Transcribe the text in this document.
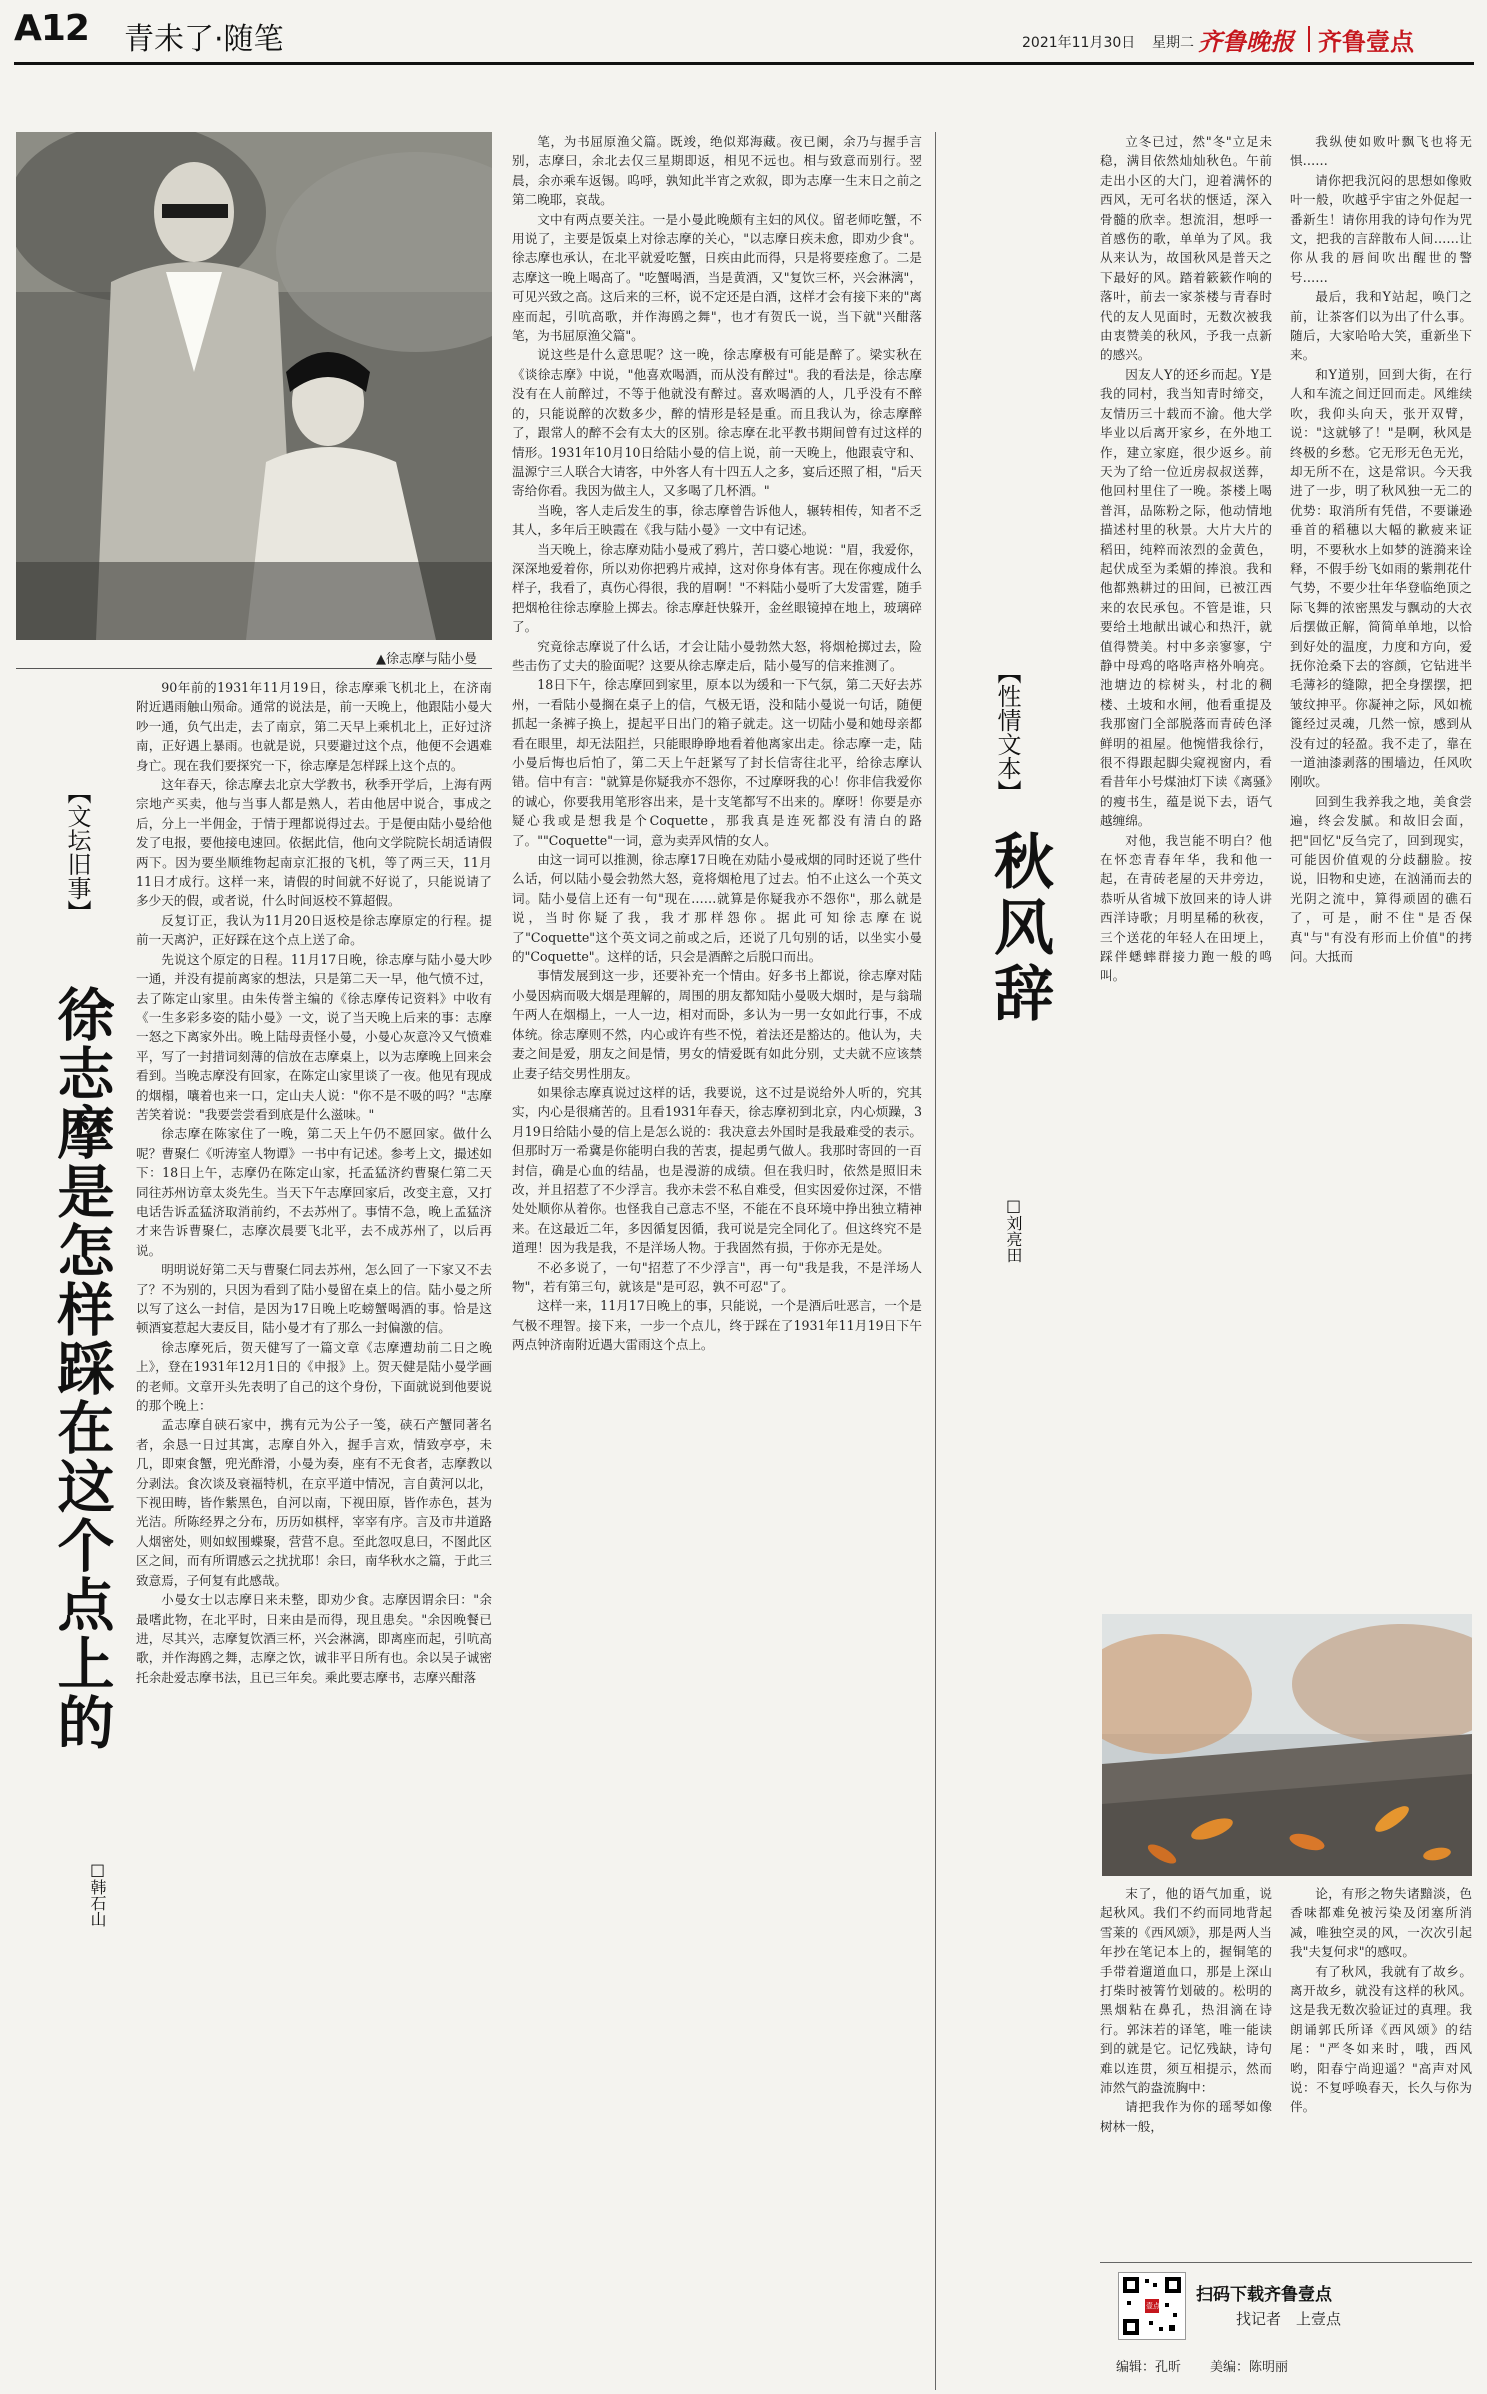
A12 青未了·随笔	2021年11月30日 星期二 齐鲁晚报 齐鲁壹点
▲徐志摩与陆小曼
【文坛旧事】
徐志摩是怎样踩在这个点上的
□韩石山

90年前的1931年11月19日，徐志摩乘飞机北上，在济南附近遇雨触山殒命。通常的说法是，前一天晚上，他跟陆小曼大吵一通，负气出走，去了南京，第二天早上乘机北上，正好过济南，正好遇上暴雨。也就是说，只要避过这个点，他便不会遇难身亡。现在我们要探究一下，徐志摩是怎样踩上这个点的。

这年春天，徐志摩去北京大学教书，秋季开学后，上海有两宗地产买卖，他与当事人都是熟人，若由他居中说合，事成之后，分上一半佣金，于情于理都说得过去。于是便由陆小曼给他发了电报，要他接电速回。依据此信，他向文学院院长胡适请假两下。因为要坐顺维物起南京汇报的飞机，等了两三天，11月11日才成行。这样一来，请假的时间就不好说了，只能说请了多少天的假，或者说，什么时间返校不算超假。

反复订正，我认为11月20日返校是徐志摩原定的行程。提前一天离沪，正好踩在这个点上送了命。

先说这个原定的日程。11月17日晚，徐志摩与陆小曼大吵一通，并没有提前离家的想法，只是第二天一早，他气愤不过，去了陈定山家里。由朱传誉主编的《徐志摩传记资料》中收有《一生多彩多姿的陆小曼》一文，说了当天晚上后来的事：志摩一怒之下离家外出。晚上陆母责怪小曼，小曼心灰意冷又气愤难平，写了一封措词刻薄的信放在志摩桌上，以为志摩晚上回来会看到。当晚志摩没有回家，在陈定山家里谈了一夜。他见有现成的烟榻，嚷着也来一口，定山夫人说："你不是不吸的吗？"志摩苦笑着说："我要尝尝看到底是什么滋味。"

徐志摩在陈家住了一晚，第二天上午仍不愿回家。做什么呢？曹聚仁《听涛室人物谭》一书中有记述。参考上文，撮述如下：18日上午，志摩仍在陈定山家，托孟猛济约曹聚仁第二天同往苏州访章太炎先生。当天下午志摩回家后，改变主意，又打电话告诉孟猛济取消前约，不去苏州了。事情不急，晚上孟猛济才来告诉曹聚仁，志摩次晨要飞北平，去不成苏州了，以后再说。

明明说好第二天与曹聚仁同去苏州，怎么回了一下家又不去了？不为别的，只因为看到了陆小曼留在桌上的信。陆小曼之所以写了这么一封信，是因为17日晚上吃螃蟹喝酒的事。恰是这顿酒宴惹起大妻反目，陆小曼才有了那么一封偏激的信。

徐志摩死后，贺天健写了一篇文章《志摩遭劫前二日之晚上》，登在1931年12月1日的《申报》上。贺天健是陆小曼学画的老师。文章开头先表明了自己的这个身份，下面就说到他要说的那个晚上：

孟志摩自硖石家中，携有元为公子一笺，硖石产蟹同著名者，余恳一日过其寓，志摩自外入，握手言欢，情致亭亭，未几，即柬食蟹，兜光酢滑，小曼为奏，座有不无食者，志摩教以分剥法。食次谈及衰福特机，在京平道中情况，言自黄河以北，下视田畴，皆作紫黑色，自河以南，下视田原，皆作赤色，甚为光洁。所陈经界之分布，历历如棋枰，宰宰有序。言及市井道路人烟密处，则如蚁围蝶聚，营营不息。至此忽叹息曰，不图此区区之间，而有所谓感云之扰扰耶！余曰，南华秋水之篇，于此三致意焉，子何复有此感哉。

小曼女士以志摩日来未整，即劝少食。志摩因谓余曰："余最嗜此物，在北平时，日来由是而得，现且患矣。"余因晚餐已进，尽其兴，志摩复饮酒三杯，兴会淋漓，即离座而起，引吭高歌，并作海鸥之舞，志摩之饮，诚非平日所有也。余以吴子诚密托余赴爱志摩书法，且已三年矣。乘此要志摩书，志摩兴酣落

笔，为书屈原渔父篇。既竣，绝似郑海藏。夜已阑，余乃与握手言别，志摩曰，余北去仅三星期即返，相见不远也。相与致意而别行。翌晨，余亦乘车返锡。呜呼，孰知此半宵之欢叙，即为志摩一生末日之前之第二晚耶，哀哉。

文中有两点要关注。一是小曼此晚颇有主妇的风仪。留老师吃蟹，不用说了，主要是饭桌上对徐志摩的关心，"以志摩日疾未愈，即劝少食"。徐志摩也承认，在北平就爱吃蟹，日疾由此而得，只是将要痊愈了。二是志摩这一晚上喝高了。"吃蟹喝酒，当是黄酒，又"复饮三杯，兴会淋漓"，可见兴致之高。这后来的三杯，说不定还是白酒，这样才会有接下来的"离座而起，引吭高歌，并作海鸥之舞"，也才有贺氏一说，当下就"兴酣落笔，为书屈原渔父篇"。

说这些是什么意思呢？这一晚，徐志摩极有可能是醉了。梁实秋在《谈徐志摩》中说，"他喜欢喝酒，而从没有醉过"。我的看法是，徐志摩没有在人前醉过，不等于他就没有醉过。喜欢喝酒的人，几乎没有不醉的，只能说醉的次数多少，醉的情形是轻是重。而且我认为，徐志摩醉了，跟常人的醉不会有太大的区别。徐志摩在北平教书期间曾有过这样的情形。1931年10月10日给陆小曼的信上说，前一天晚上，他跟袁守和、温源宁三人联合大请客，中外客人有十四五人之多，宴后还照了相，"后天寄给你看。我因为做主人，又多喝了几杯酒。"

当晚，客人走后发生的事，徐志摩曾告诉他人，辗转相传，知者不乏其人，多年后王映霞在《我与陆小曼》一文中有记述。

当天晚上，徐志摩劝陆小曼戒了鸦片，苦口婆心地说："眉，我爱你，深深地爱着你，所以劝你把鸦片戒掉，这对你身体有害。现在你瘦成什么样子，我看了，真伤心得很，我的眉啊！"不料陆小曼听了大发雷霆，随手把烟枪往徐志摩脸上掷去。徐志摩赶快躲开，金丝眼镜掉在地上，玻璃碎了。

究竟徐志摩说了什么话，才会让陆小曼勃然大怒，将烟枪掷过去，险些击伤了丈夫的脸面呢？这要从徐志摩走后，陆小曼写的信来推测了。

18日下午，徐志摩回到家里，原本以为缓和一下气氛，第二天好去苏州，一看陆小曼搁在桌子上的信，气极无语，没和陆小曼说一句话，随便抓起一条裤子换上，提起平日出门的箱子就走。这一切陆小曼和她母亲都看在眼里，却无法阻拦，只能眼睁睁地看着他离家出走。徐志摩一走，陆小曼后悔也后怕了，第二天上午赶紧写了封长信寄往北平，给徐志摩认错。信中有言："就算是你疑我亦不怨你，不过摩呀我的心！你非信我爱你的诚心，你要我用笔形容出来，是十支笔都写不出来的。摩呀！你要是亦疑心我或是想我是个Coquette，那我真是连死都没有清白的路了。""Coquette"一词，意为卖弄风情的女人。

由这一词可以推测，徐志摩17日晚在劝陆小曼戒烟的同时还说了些什么话，何以陆小曼会勃然大怒，竟将烟枪甩了过去。怕不止这么一个英文词。陆小曼信上还有一句"现在……就算是你疑我亦不怨你"，那么就是说，当时你疑了我，我才那样怨你。据此可知徐志摩在说了"Coquette"这个英文词之前或之后，还说了几句别的话，以坐实小曼的"Coquette"。这样的话，只会是酒醉之后脱口而出。

事情发展到这一步，还要补充一个情由。好多书上都说，徐志摩对陆小曼因病而吸大烟是理解的，周围的朋友都知陆小曼吸大烟时，是与翁瑞午两人在烟榻上，一人一边，相对而卧，多认为一男一女如此行事，不成体统。徐志摩则不然，内心或许有些不悦，着法还是豁达的。他认为，夫妻之间是爱，朋友之间是情，男女的情爱既有如此分别，丈夫就不应该禁止妻子结交男性朋友。

如果徐志摩真说过这样的话，我要说，这不过是说给外人听的，究其实，内心是很痛苦的。且看1931年春天，徐志摩初到北京，内心烦躁，3月19日给陆小曼的信上是怎么说的：我决意去外国时是我最难受的表示。但那时万一希冀是你能明白我的苦衷，提起勇气做人。我那时寄回的一百封信，确是心血的结晶，也是漫游的成绩。但在我归时，依然是照旧未改，并且招惹了不少浮言。我亦未尝不私自难受，但实因爱你过深，不惜处处顺你从着你。也怪我自己意志不坚，不能在不良环境中挣出独立精神来。在这最近二年，多因循复因循，我可说是完全同化了。但这终究不是道理！因为我是我，不是洋场人物。于我固然有损，于你亦无是处。

不必多说了，一句"招惹了不少浮言"，再一句"我是我，不是洋场人物"，若有第三句，就该是"是可忍，孰不可忍"了。

这样一来，11月17日晚上的事，只能说，一个是酒后吐恶言，一个是气极不理智。接下来，一步一个点儿，终于踩在了1931年11月19日下午两点钟济南附近遇大雷雨这个点上。

【性情文本】
秋风辞
□刘亮田

立冬已过，然"冬"立足未稳，满目依然灿灿秋色。午前走出小区的大门，迎着满怀的西风，无可名状的惬适，深入骨髓的欣幸。想流泪，想呼一首感伤的歌，单单为了风。我从来认为，故国秋风是普天之下最好的风。踏着簌簌作响的落叶，前去一家茶楼与青春时代的友人见面时，无数次被我由衷赞美的秋风，予我一点新的感兴。

因友人Y的还乡而起。Y是我的同村，我当知青时缔交，友情历三十载而不渝。他大学毕业以后离开家乡，在外地工作，建立家庭，很少返乡。前天为了给一位近房叔叔送葬，他回村里住了一晚。茶楼上喝普洱，品陈粉之际，他动情地描述村里的秋景。大片大片的稻田，纯粹而浓烈的金黄色，起伏成至为柔媚的捧浪。我和他都熟耕过的田间，已被江西来的农民承包。不管是谁，只要给土地献出诚心和热汗，就值得赞美。村中多亲寥寥，宁静中母鸡的咯咯声格外响亮。池塘边的棕树头，村北的稠楼、土坡和水闸，他看重提及我那窗门全部脱落而青砖色泽鲜明的祖屋。他惋惜我徐行，很不得跟起脚尖窥视窗内，看看昔年小号煤油灯下读《离骚》的瘦书生，蕴是说下去，语气越缠绵。

对他，我岂能不明白？他在怀恋青春年华，我和他一起，在青砖老屋的天井旁边，恭听从省城下放回来的诗人讲西洋诗歌；月明星稀的秋夜，三个送花的年轻人在田埂上，踩伴蟋蟀群接力跑一般的鸣叫。

我纵使如败叶飘飞也将无惧……

请你把我沉闷的思想如像败叶一般，吹越乎宇宙之外促起一番新生！请你用我的诗句作为咒文，把我的言辞散布人间……让你从我的唇间吹出醒世的警号……

最后，我和Y站起，唤门之前，让茶客们以为出了什么事。随后，大家哈哈大笑，重新坐下来。

和Y道别，回到大街，在行人和车流之间迂回而走。风维续吹，我仰头向天，张开双臂，说："这就够了！"是啊，秋风是终极的乡愁。它无形无色无光，却无所不在，这是常识。今天我进了一步，明了秋风独一无二的优势：取消所有凭借，不要谦逊垂首的稻穗以大幅的歉疲来证明，不要秋水上如梦的涟漪来诠释，不假手纷飞如雨的紫荆花什气势，不要少壮年华登临绝顶之际飞舞的浓密黑发与飘动的大衣后摆做正解，简简单单地，以恰到好处的温度，力度和方向，爱抚你沧桑下去的容颜，它钻进半毛薄衫的缝隙，把全身摆摆，把皱纹抻平。你凝神之际，风如梳篦经过灵魂，几然一惊，感到从没有过的轻盈。我不走了，靠在一道油漆剥落的围墙边，任风吹刚吹。

回到生我养我之地，美食尝遍，终会发腻。和故旧会面，把"回忆"反刍完了，回到现实，可能因价值观的分歧翻脸。按说，旧物和史迹，在汹涌而去的光阴之流中，算得顽固的礁石了，可是，耐不住"是否保真"与"有没有形而上价值"的拷问。大抵而

末了，他的语气加重，说起秋风。我们不约而同地背起雪莱的《西风颂》，那是两人当年抄在笔记本上的，握铜笔的手带着遛道血口，那是上深山打柴时被箐竹划破的。松明的黑烟粘在鼻孔，热泪滴在诗行。郭沫若的译笔，唯一能读到的就是它。记忆残缺，诗句难以连贯，须互相提示，然而沛然气韵盎流胸中：

请把我作为你的瑶琴如像树林一般，

论，有形之物失诸黯淡，色香味都难免被污染及闭塞所消减，唯独空灵的风，一次次引起我"夫复何求"的感叹。

有了秋风，我就有了故乡。离开故乡，就没有这样的秋风。这是我无数次验证过的真理。我朗诵郭氏所译《西风颂》的结尾："严冬如来时，哦，西风哟，阳春宁尚迎遥？"高声对风说：不复呼唤春天，长久与你为伴。

壹点
扫码下载齐鲁壹点
找记者　上壹点
编辑：孔昕 美编：陈明丽
